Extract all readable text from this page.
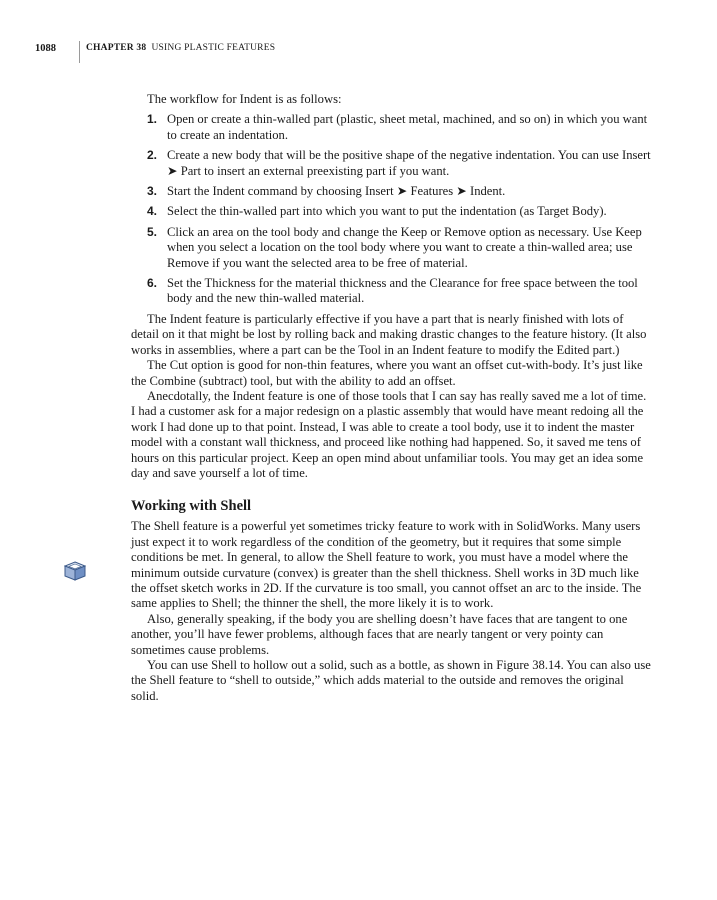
1088	CHAPTER 38 USING PLASTIC FEATURES

The workflow for Indent is as follows:

1. Open or create a thin-walled part (plastic, sheet metal, machined, and so on) in which you want to create an indentation.
2. Create a new body that will be the positive shape of the negative indentation. You can use Insert ➤ Part to insert an external preexisting part if you want.
3. Start the Indent command by choosing Insert ➤ Features ➤ Indent.
4. Select the thin-walled part into which you want to put the indentation (as Target Body).
5. Click an area on the tool body and change the Keep or Remove option as necessary. Use Keep when you select a location on the tool body where you want to create a thin-walled area; use Remove if you want the selected area to be free of material.
6. Set the Thickness for the material thickness and the Clearance for free space between the tool body and the new thin-walled material.

The Indent feature is particularly effective if you have a part that is nearly finished with lots of detail on it that might be lost by rolling back and making drastic changes to the feature history. (It also works in assemblies, where a part can be the Tool in an Indent feature to modify the Edited part.)

The Cut option is good for non-thin features, where you want an offset cut-with-body. It’s just like the Combine (subtract) tool, but with the ability to add an offset.

Anecdotally, the Indent feature is one of those tools that I can say has really saved me a lot of time. I had a customer ask for a major redesign on a plastic assembly that would have meant redoing all the work I had done up to that point. Instead, I was able to create a tool body, use it to indent the master model with a constant wall thickness, and proceed like nothing had happened. So, it saved me tens of hours on this particular project. Keep an open mind about unfamiliar tools. You may get an idea some day and save yourself a lot of time.

Working with Shell

The Shell feature is a powerful yet sometimes tricky feature to work with in SolidWorks. Many users just expect it to work regardless of the condition of the geometry, but it requires that some simple conditions be met. In general, to allow the Shell feature to work, you must have a model where the minimum outside curvature (convex) is greater than the shell thickness. Shell works in 3D much like the offset sketch works in 2D. If the curvature is too small, you cannot offset an arc to the inside. The same applies to Shell; the thinner the shell, the more likely it is to work.

Also, generally speaking, if the body you are shelling doesn’t have faces that are tangent to one another, you’ll have fewer problems, although faces that are nearly tangent or very pointy can sometimes cause problems.

You can use Shell to hollow out a solid, such as a bottle, as shown in Figure 38.14. You can also use the Shell feature to “shell to outside,” which adds material to the outside and removes the original solid.
